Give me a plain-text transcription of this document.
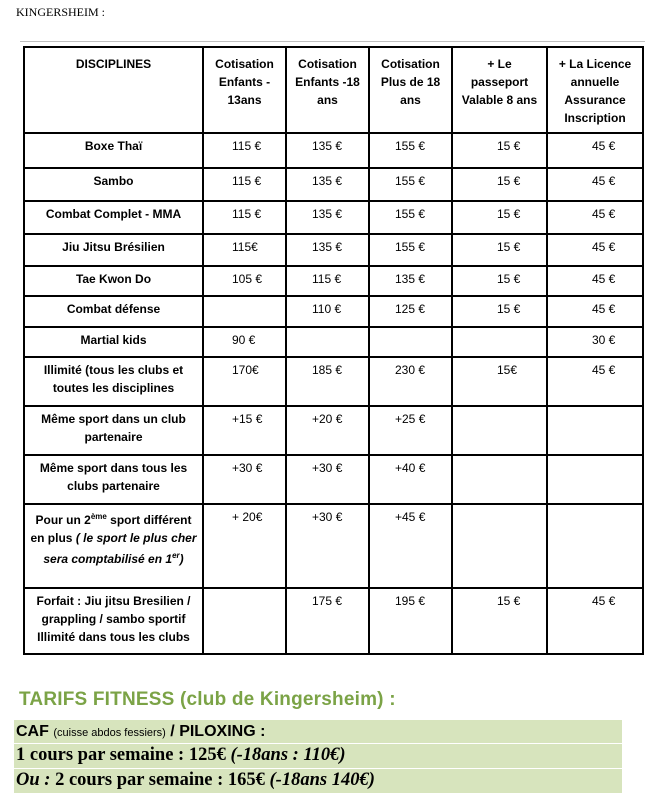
KINGERSHEIM :
DISCIPLINES	Cotisation Enfants - 13ans	Cotisation Enfants -18 ans	Cotisation Plus de 18 ans	+ Le passeport Valable 8 ans	+ La Licence annuelle Assurance Inscription
Boxe Thaï	115 €	135 €	155 €	15 €	45 €
Sambo	115 €	135 €	155 €	15 €	45 €
Combat Complet - MMA	115 €	135 €	155 €	15 €	45 €
Jiu Jitsu Brésilien	115€	135 €	155 €	15 €	45 €
Tae Kwon Do	105 €	115 €	135 €	15 €	45 €
Combat défense		110 €	125 €	15 €	45 €
Martial kids	90 €				30 €
Illimité (tous les clubs et toutes les disciplines	170€	185 €	230 €	15€	45 €
Même sport dans un club partenaire	+15 €	+20 €	+25 €		
Même sport dans tous les clubs partenaire	+30 €	+30 €	+40 €		
Pour un 2ème sport différent en plus ( le sport le plus cher sera comptabilisé en 1er)	+ 20€	+30 €	+45 €		
Forfait : Jiu jitsu Bresilien / grappling / sambo sportif Illimité dans tous les clubs		175 €	195 €	15 €	45 €
TARIFS FITNESS (club de Kingersheim) :
CAF (cuisse abdos fessiers) / PILOXING :
1 cours par semaine : 125€ (-18ans : 110€)
Ou : 2 cours par semaine : 165€ (-18ans 140€)
